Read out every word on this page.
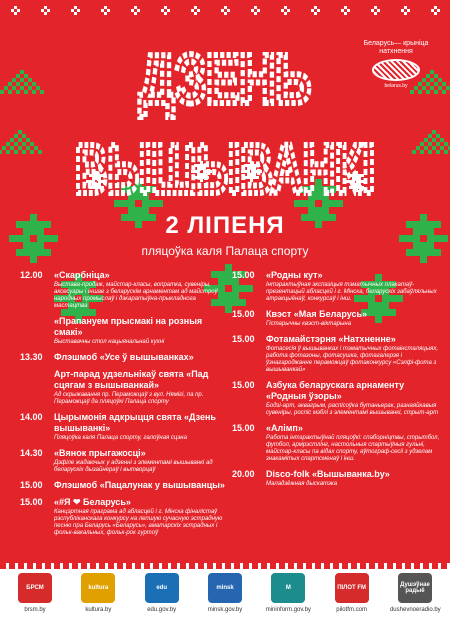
Беларусь— крыніца натхнення
belarus.by
ДЗЕНЬ
ВЫШЫВАНКІ
2 ЛІПЕНЯ
пляцоўка каля Палаца спорту
12.00	«Скарбніца»
Выстава-продаж, майстар-класы, вопратка, сувеніры, аксесуары і іншае з беларускім арнаментам ад майстроў народных промыслаў і дэкаратыўна-прыкладнога мастацтва
«Прапануем прысмакі на розныя смакі»
Выставачны стол нацыянальнай кухні
13.30	Флэшмоб «Усе ў вышыванках»
Арт-парад удзельнікаў свята «Пад сцягам з вышыванкай»
Ад скрыжавання пр. Пераможцаў з вул. Нямігі, па пр. Пераможцаў да пляцоўкі Палаца спорту
14.00	Цырымонія адкрыцця свята «Дзень вышыванкі»
Пляцоўка каля Палаца спорту, галоўная сцэна
14.30	«Вянок прыгажосці»
Дэфіле жадаючых у адзенні з элементамі вышыванкі ад беларускіх дызайнераў і вытворцаў
15.00	Флэшмоб «Пацалунак у вышыванцы»
15.00	«#Я ❤ Беларусь»
Канцэртная праграма ад абласцей і г. Мінска фіналістаў рэспубліканскага конкурсу на лепшую сучасную эстрадную песню пра Беларусь «Беларусь», аматарскіх эстрадных і фольк-вакальных, фольк-рок гуртоў
15.00	«Родны кут»
Інтэрактыўная экспазіцыя тэматычных плакатаў-презентацый абласцей і г. Мінска, беларускіх забаўляльных атракцыёнаў, конкурсаў і інш.
15.00	Квэст «Мая Беларусь»
Гістарычны квэст-віктарына
15.00	Фотамайстэрня «Натхненне»
Фотасесія ў вышыванках і тэматычных фотаінсталяцыях, работа фотазоны, фотасушка, фотагалерэя і ўзнагароджанне пераможцаў фотаконкурсу «Сэлфі-фота з вышыванкай»
15.00	Азбука беларускага арнаменту «Родныя ўзоры»
Бодзі-арт, аквагрым, распісоўка бутаньерак, разнаяйкавыя сувеніры, роспіс мэблі з элементамі вышыванкі, стрыт-арт
15.00	«Алімп»
Работа інтэрактыўнай пляцоўкі: спаборніцтвы, стрытбол, футбол, армрэстлінг, настольныя спартыўныя гульні, майстар-класы па відах спорту, аўтограф-сесіі з удзелам знакамітых спартсменаў і інш.
20.00	Disco-folk «Вышыванка.by»
Маладзёжная дыскатэка
БРСМ
brsm.by
kultura
kultura.by
edu
edu.gov.by
minsk
minsk.gov.by
M
mininform.gov.by
ПІЛОТ FM
pilotfm.com
Душэўнае радыё
dushevnoeradio.by
